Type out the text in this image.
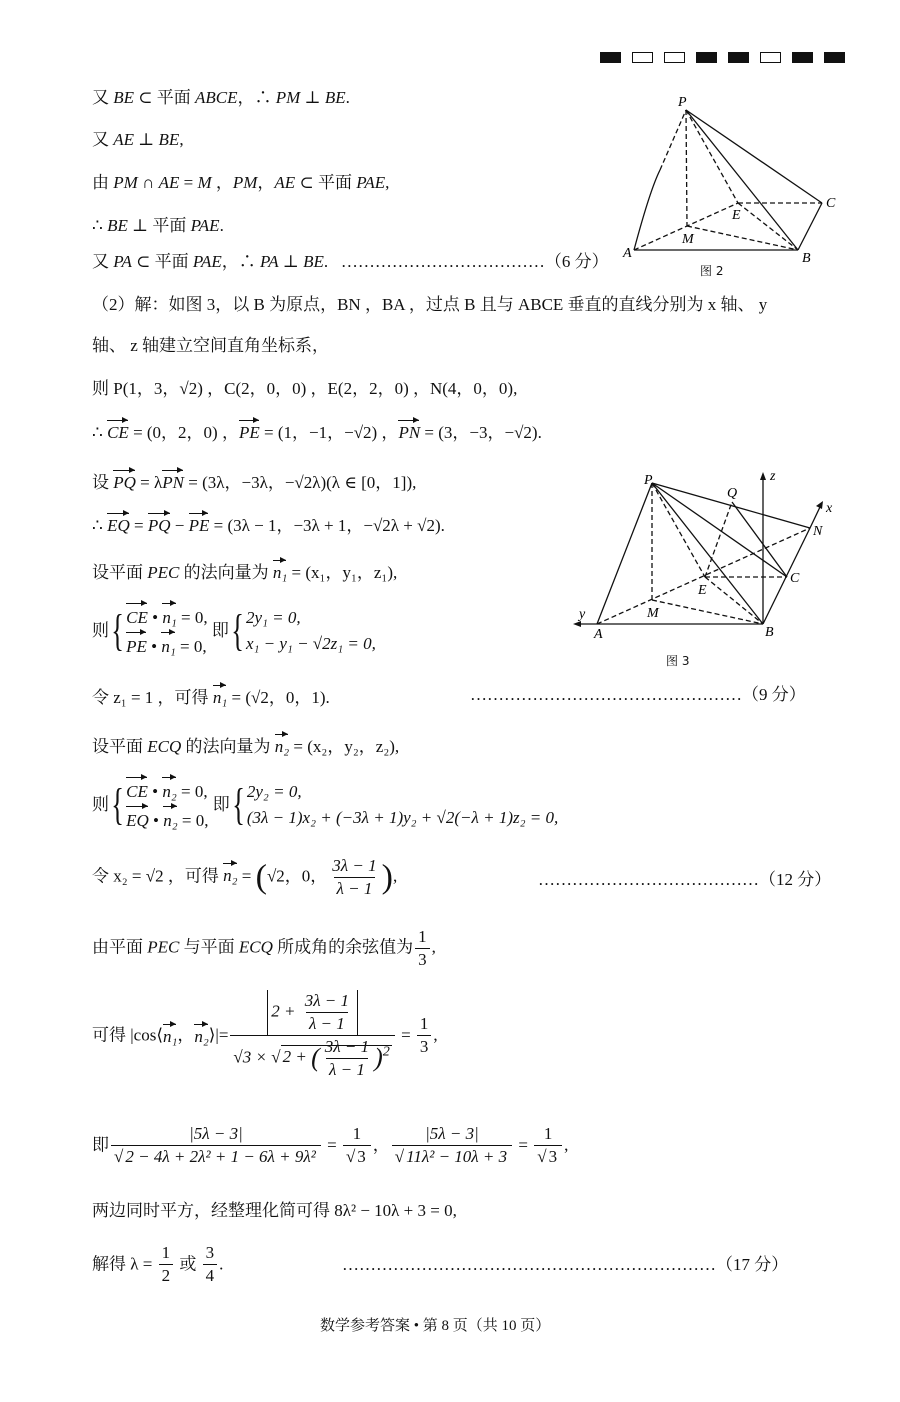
P
A	B
C
E
M
图 2
P
Q
z
x
N
C
E
M
y
A	B
图 3
又 BE ⊂ 平面 ABCE，∴ PM ⊥ BE.
又 AE ⊥ BE,
由 PM ∩ AE = M ，PM，AE ⊂ 平面 PAE,
∴ BE ⊥ 平面 PAE.
又 PA ⊂ 平面 PAE，∴ PA ⊥ BE. ………………………………（6 分）
（2）解：如图 3，以 B 为原点，BN ，BA ，过点 B 且与 ABCE 垂直的直线分别为 x 轴、 y
轴、 z 轴建立空间直角坐标系，
则 P(1，3，√2) ，C(2，0，0) ，E(2，2，0) ，N(4，0，0),
∴ CE = (0，2，0) ，PE = (1，−1，−√2) ，PN = (3，−3，−√2).
设 PQ = λPN = (3λ，−3λ，−√2λ)(λ ∈ [0，1]),
∴ EQ = PQ − PE = (3λ − 1，−3λ + 1，−√2λ + √2).
设平面 PEC 的法向量为 n₁ = (x₁，y₁，z₁),
则{ CE • n₁ = 0,
PE • n₁ = 0,
即{ 2y₁ = 0,
x₁ − y₁ − √2z₁ = 0,
令 z₁ = 1 ，可得 n₁ = (√2，0，1).	…………………………………………（9 分）
设平面 ECQ 的法向量为 n₂ = (x₂，y₂，z₂),
则{ CE • n₂ = 0,
EQ • n₂ = 0,
即{ 2y₂ = 0,
(3λ − 1)x₂ + (−3λ + 1)y₂ + √2(−λ + 1)z₂ = 0,
令 x₂ = √2 ，可得 n₂ = (√2，0， $\frac{3\lambda - 1}{\lambda - 1}$ ),	…………………………………（12 分）
由平面 PEC 与平面 ECQ 所成角的余弦值为 $\frac{1}{3}$ ,
可得 |cos⟨n₁，n₂⟩|= $\frac{2 + \frac{3\lambda - 1}{\lambda - 1}}{√3 \times √ 2 + ( \frac{3\lambda - 1}{\lambda - 1} )^2} = \frac{1}{3}$ ,
即 $\frac{|5\lambda - 3|}{\text{√ 2 − 4λ + 2λ² + 1 − 6λ + 9λ²}} = \frac{1}{√ 3}$ ， $\frac{|5\lambda - 3|}{\text{√ 11λ² − 10λ + 3}} = \frac{1}{√ 3}$ ,
两边同时平方，经整理化简可得 8λ² − 10λ + 3 = 0,
解得 $\lambda = \frac{1}{2}$ 或 $\frac{3}{4}$ .	…………………………………………………………（17 分）
数学参考答案 • 第 8 页（共 10 页）
